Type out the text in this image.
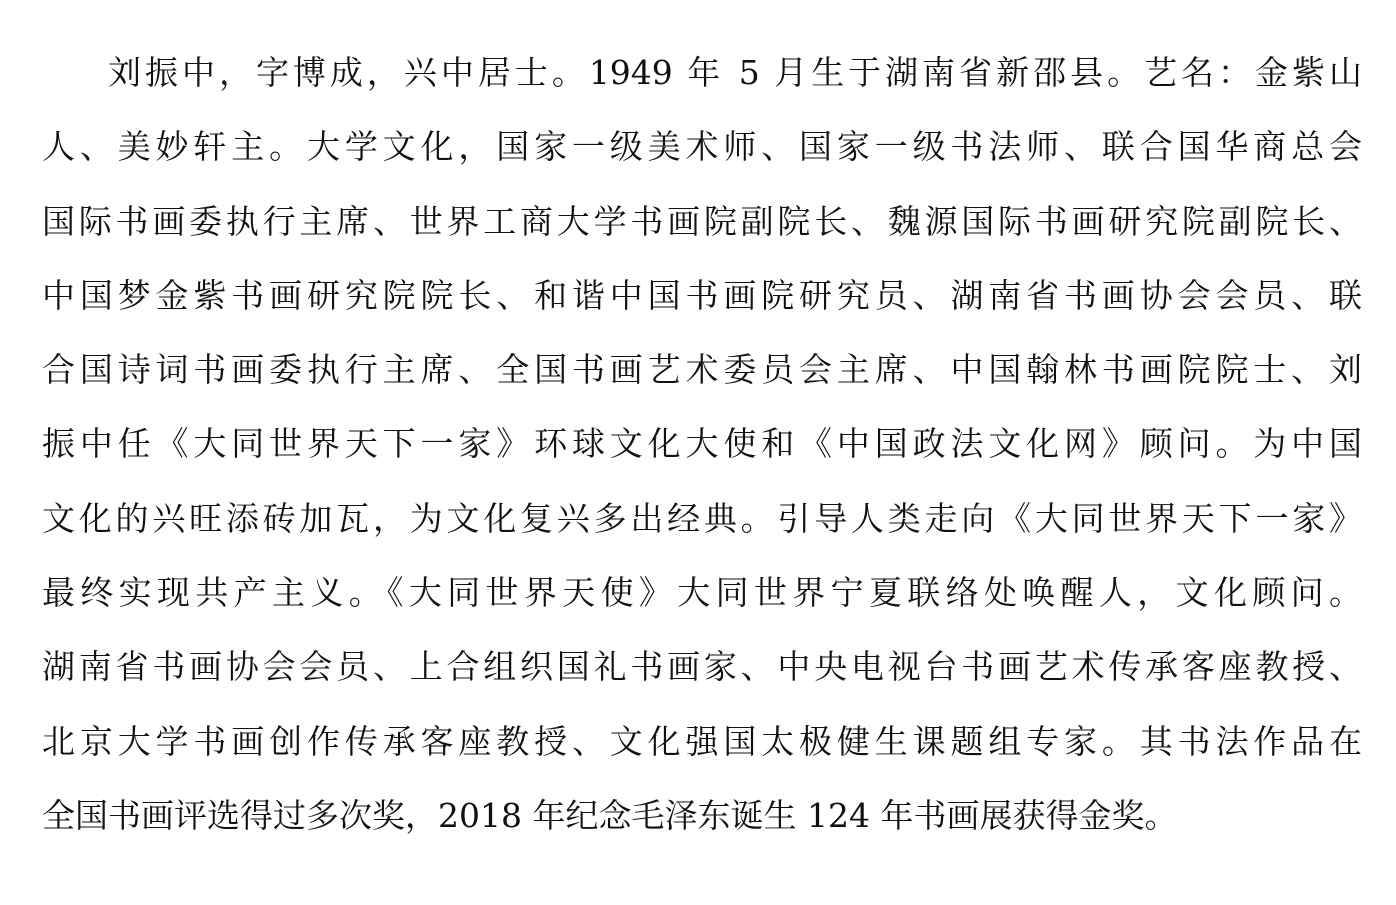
刘振中，字博成，兴中居士。1949 年 5 月生于湖南省新邵县。艺名：金紫山
人、美妙轩主。大学文化，国家一级美术师、国家一级书法师、联合国华商总会
国际书画委执行主席、世界工商大学书画院副院长、魏源国际书画研究院副院长、
中国梦金紫书画研究院院长、和谐中国书画院研究员、湖南省书画协会会员、联
合国诗词书画委执行主席、全国书画艺术委员会主席、中国翰林书画院院士、刘
振中任《大同世界天下一家》环球文化大使和《中国政法文化网》顾问。为中国
文化的兴旺添砖加瓦，为文化复兴多出经典。引导人类走向《大同世界天下一家》
最终实现共产主义。《大同世界天使》大同世界宁夏联络处唤醒人，文化顾问。
湖南省书画协会会员、上合组织国礼书画家、中央电视台书画艺术传承客座教授、
北京大学书画创作传承客座教授、文化强国太极健生课题组专家。其书法作品在
全国书画评选得过多次奖，2018 年纪念毛泽东诞生 124 年书画展获得金奖。
